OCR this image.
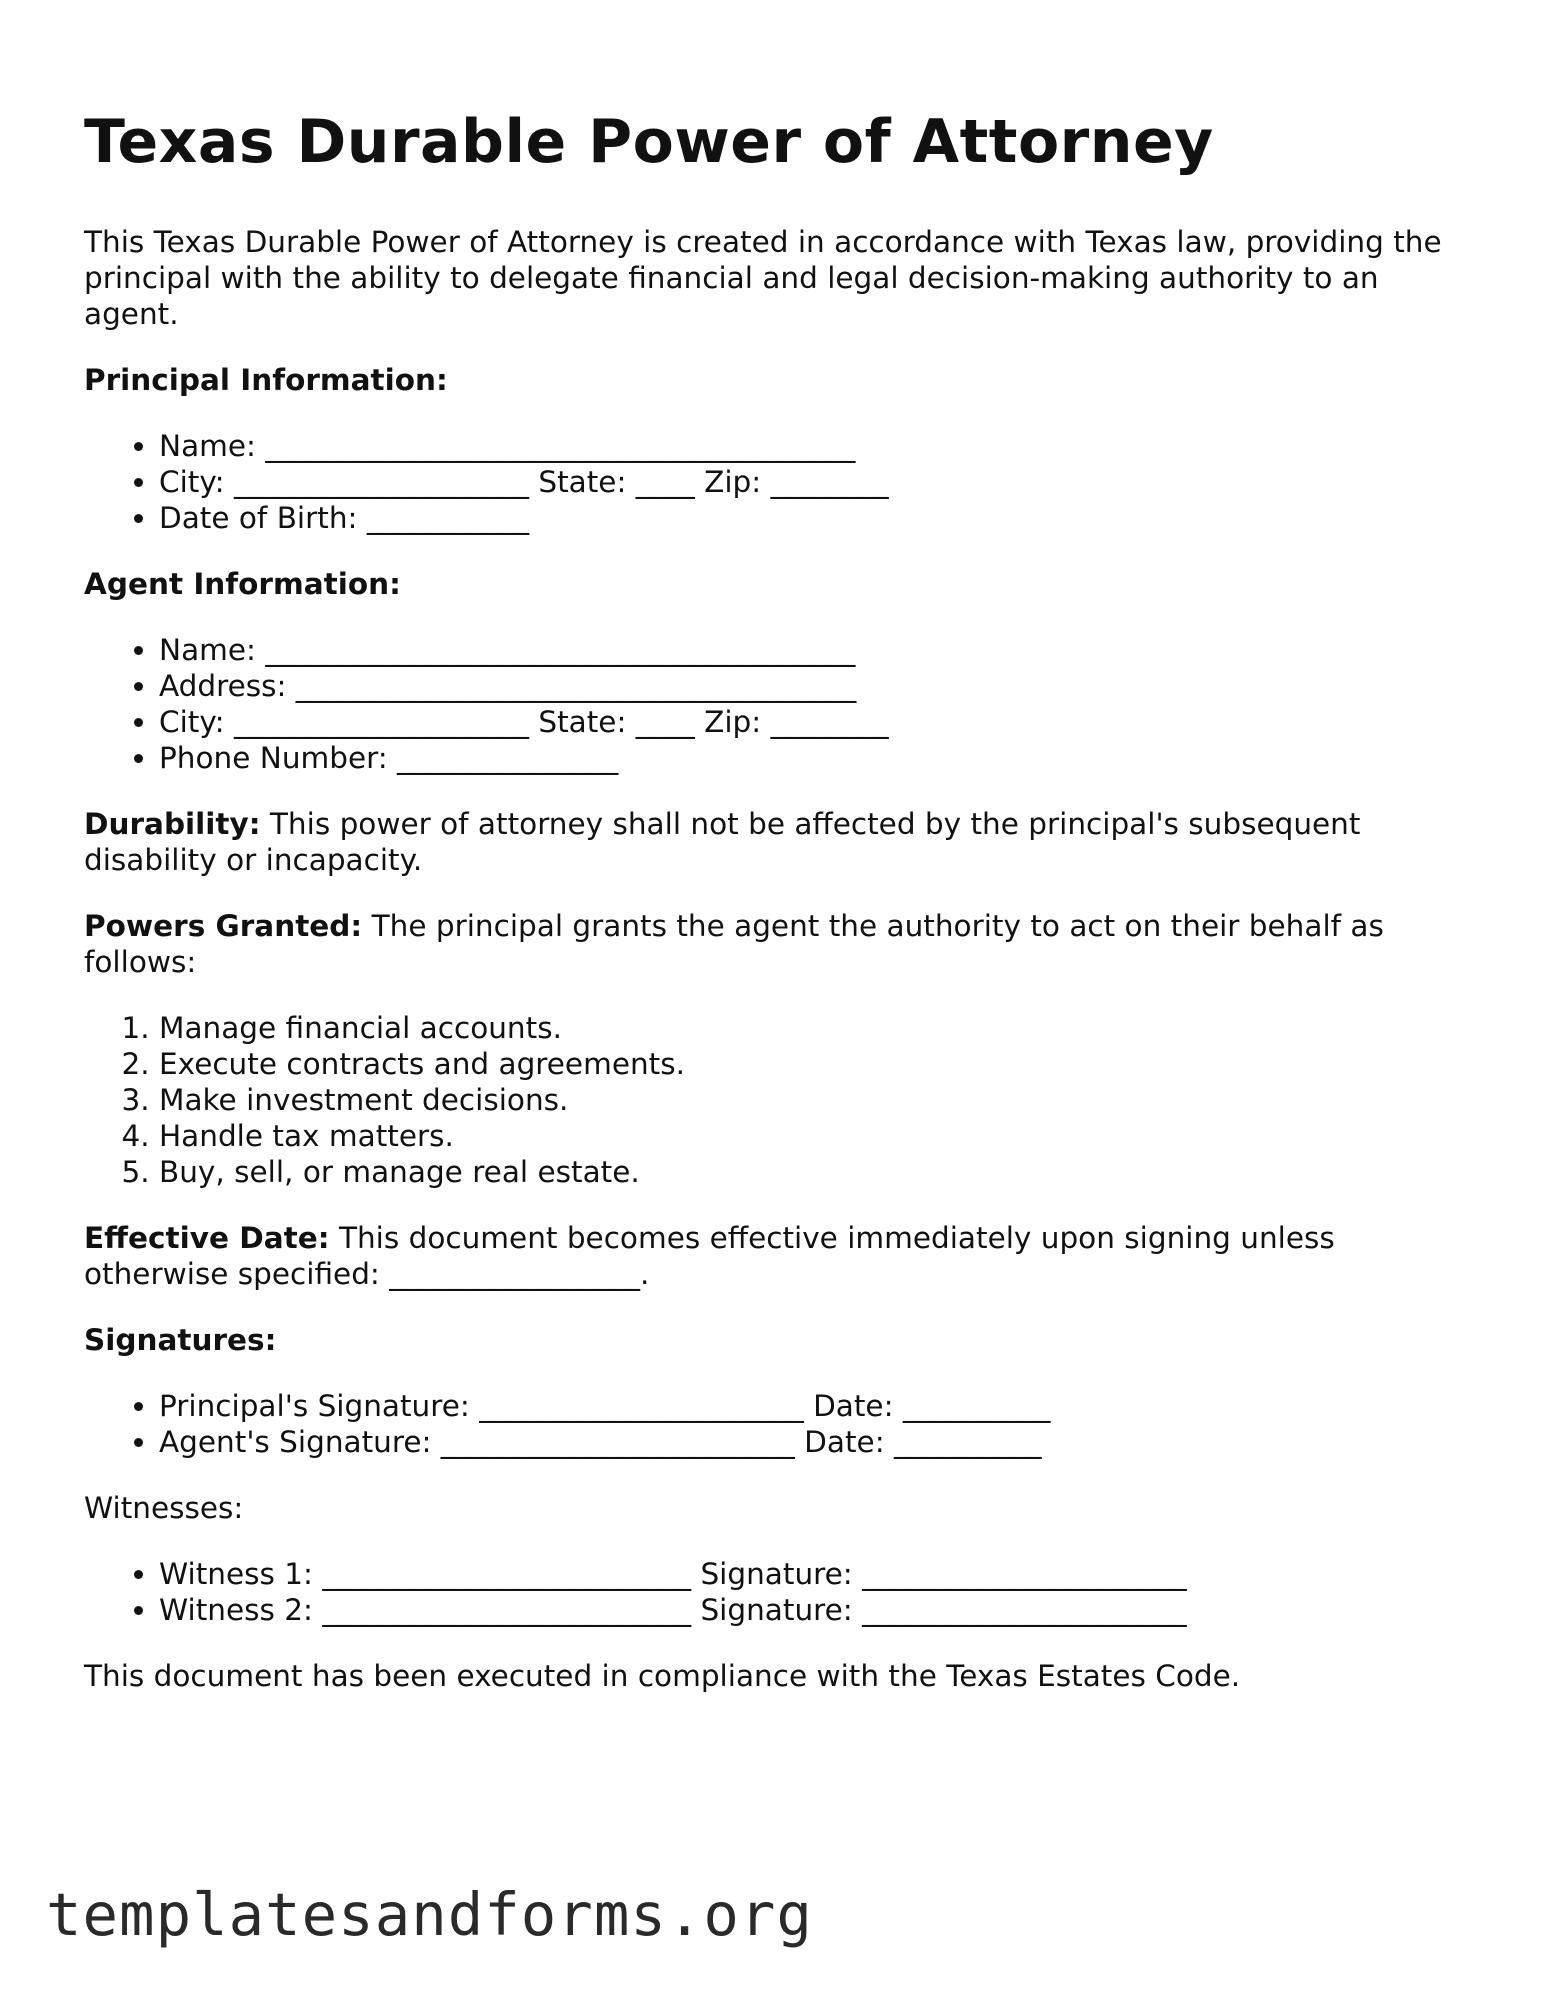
Texas Durable Power of Attorney

This Texas Durable Power of Attorney is created in accordance with Texas law, providing the principal with the ability to delegate financial and legal decision-making authority to an agent.

Principal Information:

• Name: ________________________________________
• City: ____________________ State: ____ Zip: ________
• Date of Birth: ___________

Agent Information:

• Name: ________________________________________
• Address: ______________________________________
• City: ____________________ State: ____ Zip: ________
• Phone Number: _______________

Durability: This power of attorney shall not be affected by the principal's subsequent disability or incapacity.

Powers Granted: The principal grants the agent the authority to act on their behalf as follows:

1. Manage financial accounts.
2. Execute contracts and agreements.
3. Make investment decisions.
4. Handle tax matters.
5. Buy, sell, or manage real estate.

Effective Date: This document becomes effective immediately upon signing unless otherwise specified: _________________.

Signatures:

• Principal's Signature: ______________________ Date: __________
• Agent's Signature: ________________________ Date: __________

Witnesses:

• Witness 1: _________________________ Signature: ______________________
• Witness 2: _________________________ Signature: ______________________

This document has been executed in compliance with the Texas Estates Code.

templatesandforms.org
